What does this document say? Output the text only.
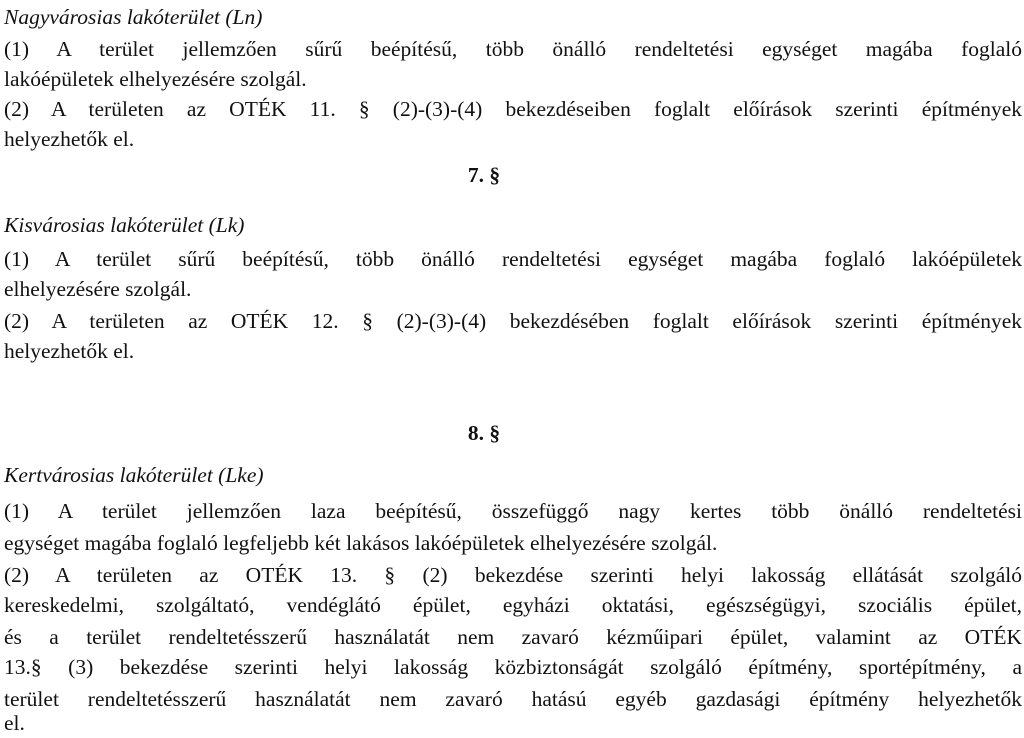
Nagyvárosias lakóterület (Ln)
(1) A terület jellemzően sűrű beépítésű, több önálló rendeltetési egységet magába foglaló
lakóépületek elhelyezésére szolgál.
(2) A területen az OTÉK 11. § (2)-(3)-(4) bekezdéseiben foglalt előírások szerinti építmények
helyezhetők el.
7. §
Kisvárosias lakóterület (Lk)
(1) A terület sűrű beépítésű, több önálló rendeltetési egységet magába foglaló lakóépületek
elhelyezésére szolgál.
(2) A területen az OTÉK 12. § (2)-(3)-(4) bekezdésében foglalt előírások szerinti építmények
helyezhetők el.
8. §
Kertvárosias lakóterület (Lke)
(1) A terület jellemzően laza beépítésű, összefüggő nagy kertes több önálló rendeltetési
egységet magába foglaló legfeljebb két lakásos lakóépületek elhelyezésére szolgál.
(2) A területen az OTÉK 13. § (2) bekezdése szerinti helyi lakosság ellátását szolgáló
kereskedelmi, szolgáltató, vendéglátó épület, egyházi oktatási, egészségügyi, szociális épület,
és a terület rendeltetésszerű használatát nem zavaró kézműipari épület, valamint az OTÉK
13.§ (3) bekezdése szerinti helyi lakosság közbiztonságát szolgáló építmény, sportépítmény, a
terület rendeltetésszerű használatát nem zavaró hatású egyéb gazdasági építmény helyezhetők
el.
